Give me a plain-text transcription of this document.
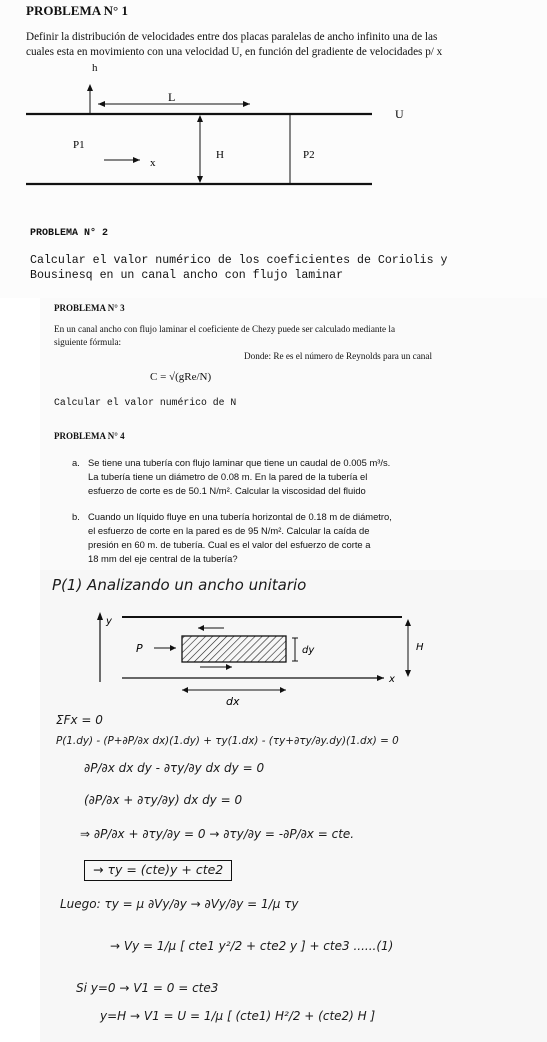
PROBLEMA N° 1
Definir la distribución de velocidades entre dos placas paralelas de ancho infinito una de las
cuales esta en movimiento con una velocidad U, en función del gradiente de velocidades p/ x
h
L
U
P1
H	P2
x
PROBLEMA N° 2
Calcular el valor numérico de los coeficientes de Coriolis y
Bousinesq en un canal ancho con flujo laminar
PROBLEMA N° 3
En un canal ancho con flujo laminar el coeficiente de Chezy puede ser calculado mediante la
siguiente fórmula:
Donde: Re es el número de Reynolds para un canal
C = √(gRe/N)
Calcular el valor numérico de N
PROBLEMA N° 4
a. Se tiene una tubería con flujo laminar que tiene un caudal de 0.005 m³/s.
La tubería tiene un diámetro de 0.08 m. En la pared de la tubería el
esfuerzo de corte es de 50.1 N/m². Calcular la viscosidad del fluido
b. Cuando un líquido fluye en una tubería horizontal de 0.18 m de diámetro,
el esfuerzo de corte en la pared es de 95 N/m². Calcular la caída de
presión en 60 m. de tubería. Cual es el valor del esfuerzo de corte a
18 mm del eje central de la tubería?
P(1) Analizando un ancho unitario
y
P
x
H
dx
dy
ΣFx = 0
P(1.dy) - (P+∂P/∂x dx)(1.dy) + τy(1.dx) - (τy+∂τy/∂y.dy)(1.dx) = 0
∂P/∂x dx dy - ∂τy/∂y dx dy = 0
(∂P/∂x + ∂τy/∂y) dx dy = 0
⇒ ∂P/∂x + ∂τy/∂y = 0 → ∂τy/∂y = -∂P/∂x = cte.
→ τy = (cte)y + cte2
Luego: τy = μ ∂Vy/∂y → ∂Vy/∂y = 1/μ τy
→ Vy = 1/μ [ cte1 y²/2 + cte2 y ] + cte3 ......(1)
Si y=0 → V1 = 0 = cte3
y=H → V1 = U = 1/μ [ (cte1) H²/2 + (cte2) H ]
